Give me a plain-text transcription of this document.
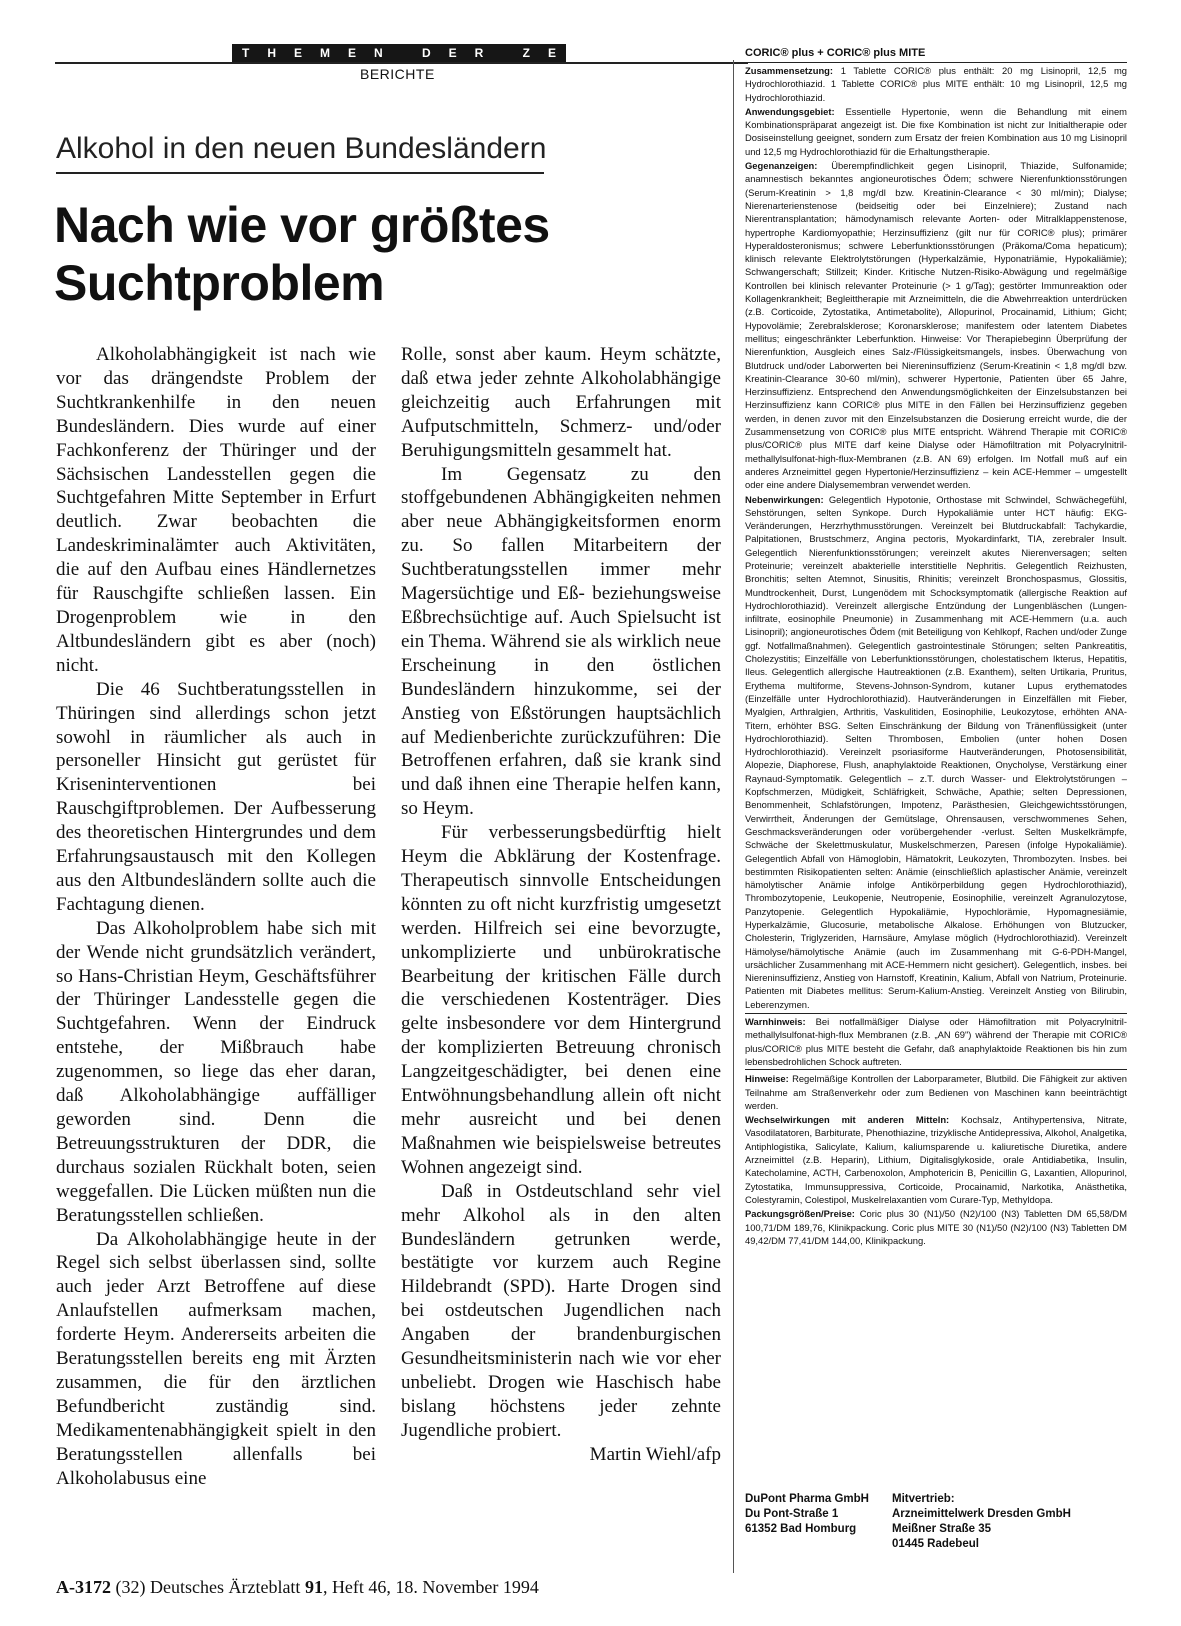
THEMEN DER ZEIT
BERICHTE
Alkohol in den neuen Bundesländern
Nach wie vor größtes Suchtproblem

Alkoholabhängigkeit ist nach wie vor das drängendste Problem der Suchtkrankenhilfe in den neuen Bundesländern. Dies wurde auf einer Fachkonferenz der Thüringer und der Sächsischen Landesstellen gegen die Suchtgefahren Mitte September in Erfurt deutlich. Zwar beobachten die Landeskriminalämter auch Aktivitäten, die auf den Aufbau eines Händlernetzes für Rauschgifte schließen lassen. Ein Drogenproblem wie in den Altbundesländern gibt es aber (noch) nicht.

Die 46 Suchtberatungsstellen in Thüringen sind allerdings schon jetzt sowohl in räumlicher als auch in personeller Hinsicht gut gerüstet für Kriseninterventionen bei Rauschgiftproblemen. Der Aufbesserung des theoretischen Hintergrundes und dem Erfahrungsaustausch mit den Kollegen aus den Altbundesländern sollte auch die Fachtagung dienen.

Das Alkoholproblem habe sich mit der Wende nicht grundsätzlich verändert, so Hans-Christian Heym, Geschäftsführer der Thüringer Landesstelle gegen die Suchtgefahren. Wenn der Eindruck entstehe, der Mißbrauch habe zugenommen, so liege das eher daran, daß Alkoholabhängige auffälliger geworden sind. Denn die Betreuungsstrukturen der DDR, die durchaus sozialen Rückhalt boten, seien weggefallen. Die Lücken müßten nun die Beratungsstellen schließen.

Da Alkoholabhängige heute in der Regel sich selbst überlassen sind, sollte auch jeder Arzt Betroffene auf diese Anlaufstellen aufmerksam machen, forderte Heym. Andererseits arbeiten die Beratungsstellen bereits eng mit Ärzten zusammen, die für den ärztlichen Befundbericht zuständig sind. Medikamentenabhängigkeit spielt in den Beratungsstellen allenfalls bei Alkoholabusus eine

Rolle, sonst aber kaum. Heym schätzte, daß etwa jeder zehnte Alkoholabhängige gleichzeitig auch Erfahrungen mit Aufputschmitteln, Schmerz- und/oder Beruhigungsmitteln gesammelt hat.

Im Gegensatz zu den stoffgebundenen Abhängigkeiten nehmen aber neue Abhängigkeitsformen enorm zu. So fallen Mitarbeitern der Suchtberatungsstellen immer mehr Magersüchtige und Eß- beziehungsweise Eßbrechsüchtige auf. Auch Spielsucht ist ein Thema. Während sie als wirklich neue Erscheinung in den östlichen Bundesländern hinzukomme, sei der Anstieg von Eßstörungen hauptsächlich auf Medienberichte zurückzuführen: Die Betroffenen erfahren, daß sie krank sind und daß ihnen eine Therapie helfen kann, so Heym.

Für verbesserungsbedürftig hielt Heym die Abklärung der Kostenfrage. Therapeutisch sinnvolle Entscheidungen könnten zu oft nicht kurzfristig umgesetzt werden. Hilfreich sei eine bevorzugte, unkomplizierte und unbürokratische Bearbeitung der kritischen Fälle durch die verschiedenen Kostenträger. Dies gelte insbesondere vor dem Hintergrund der komplizierten Betreuung chronisch Langzeitgeschädigter, bei denen eine Entwöhnungsbehandlung allein oft nicht mehr ausreicht und bei denen Maßnahmen wie beispielsweise betreutes Wohnen angezeigt sind.

Daß in Ostdeutschland sehr viel mehr Alkohol als in den alten Bundesländern getrunken werde, bestätigte vor kurzem auch Regine Hildebrandt (SPD). Harte Drogen sind bei ostdeutschen Jugendlichen nach Angaben der brandenburgischen Gesundheitsministerin nach wie vor eher unbeliebt. Drogen wie Haschisch habe bislang höchstens jeder zehnte Jugendliche probiert.

Martin Wiehl/afp

A-3172 (32) Deutsches Ärzteblatt 91, Heft 46, 18. November 1994
CORIC® plus + CORIC® plus MITE

Zusammensetzung: 1 Tablette CORIC® plus enthält: 20 mg Lisinopril, 12,5 mg Hydrochlorothiazid. 1 Tablette CORIC® plus MITE enthält: 10 mg Lisinopril, 12,5 mg Hydrochlorothiazid.

Anwendungsgebiet: Essentielle Hypertonie, wenn die Behandlung mit einem Kombinationspräparat angezeigt ist. Die fixe Kombination ist nicht zur Initialtherapie oder Dosiseinstellung geeignet, sondern zum Ersatz der freien Kombination aus 10 mg Lisinopril und 12,5 mg Hydrochlorothiazid für die Erhaltungstherapie.

Gegenanzeigen: Überempfindlichkeit gegen Lisinopril, Thiazide, Sulfonamide; anamnestisch bekanntes angioneurotisches Ödem; schwere Nierenfunktionsstörungen (Serum-Kreatinin > 1,8 mg/dl bzw. Kreatinin-Clearance < 30 ml/min); Dialyse; Nierenarterienstenose (beidseitig oder bei Einzelniere); Zustand nach Nierentransplantation; hämodynamisch relevante Aorten- oder Mitralklappenstenose, hypertrophe Kardiomyopathie; Herzinsuffizienz (gilt nur für CORIC® plus); primärer Hyperaldosteronismus; schwere Leberfunktionsstörungen (Präkoma/Coma hepaticum); klinisch relevante Elektrolytstörungen (Hyperkalzämie, Hyponatriämie, Hypokaliämie); Schwangerschaft; Stillzeit; Kinder. Kritische Nutzen-Risiko-Abwägung und regelmäßige Kontrollen bei klinisch relevanter Proteinurie (> 1 g/Tag); gestörter Immunreaktion oder Kollagenkrankheit; Begleittherapie mit Arzneimitteln, die die Abwehrreaktion unterdrücken (z.B. Corticoide, Zytostatika, Antimetabolite), Allopurinol, Procainamid, Lithium; Gicht; Hypovolämie; Zerebralsklerose; Koronarsklerose; manifestem oder latentem Diabetes mellitus; eingeschränkter Leberfunktion. Hinweise: Vor Therapiebeginn Überprüfung der Nierenfunktion, Ausgleich eines Salz-/Flüssigkeitsmangels, insbes. Überwachung von Blutdruck und/oder Laborwerten bei Niereninsuffizienz (Serum-Kreatinin < 1,8 mg/dl bzw. Kreatinin-Clearance 30-60 ml/min), schwerer Hypertonie, Patienten über 65 Jahre, Herzinsuffizienz. Entsprechend den Anwendungsmöglichkeiten der Einzelsubstanzen bei Herzinsuffizienz kann CORIC® plus MITE in den Fällen bei Herzinsuffizienz gegeben werden, in denen zuvor mit den Einzelsubstanzen die Dosierung erreicht wurde, die der Zusammensetzung von CORIC® plus MITE entspricht. Während Therapie mit CORIC® plus/CORIC® plus MITE darf keine Dialyse oder Hämofiltration mit Polyacrylnitril-methallylsulfonat-high-flux-Membranen (z.B. AN 69) erfolgen. Im Notfall muß auf ein anderes Arzneimittel gegen Hypertonie/Herzinsuffizienz – kein ACE-Hemmer – umgestellt oder eine andere Dialysemembran verwendet werden.

Nebenwirkungen: Gelegentlich Hypotonie, Orthostase mit Schwindel, Schwächegefühl, Sehstörungen, selten Synkope. Durch Hypokaliämie unter HCT häufig: EKG-Veränderungen, Herzrhythmusstörungen. Vereinzelt bei Blutdruckabfall: Tachykardie, Palpitationen, Brustschmerz, Angina pectoris, Myokardinfarkt, TIA, zerebraler Insult. Gelegentlich Nierenfunktionsstörungen; vereinzelt akutes Nierenversagen; selten Proteinurie; vereinzelt abakterielle interstitielle Nephritis. Gelegentlich Reizhusten, Bronchitis; selten Atemnot, Sinusitis, Rhinitis; vereinzelt Bronchospasmus, Glossitis, Mundtrockenheit, Durst, Lungenödem mit Schocksymptomatik (allergische Reaktion auf Hydrochlorothiazid). Vereinzelt allergische Entzündung der Lungenbläschen (Lungen-infiltrate, eosinophile Pneumonie) in Zusammenhang mit ACE-Hemmern (u.a. auch Lisinopril); angioneurotisches Ödem (mit Beteiligung von Kehlkopf, Rachen und/oder Zunge ggf. Notfallmaßnahmen). Gelegentlich gastrointestinale Störungen; selten Pankreatitis, Cholezystitis; Einzelfälle von Leberfunktionsstörungen, cholestatischem Ikterus, Hepatitis, Ileus. Gelegentlich allergische Hautreaktionen (z.B. Exanthem), selten Urtikaria, Pruritus, Erythema multiforme, Stevens-Johnson-Syndrom, kutaner Lupus erythematodes (Einzelfälle unter Hydrochlorothiazid). Hautveränderungen in Einzelfällen mit Fieber, Myalgien, Arthralgien, Arthritis, Vaskulitiden, Eosinophilie, Leukozytose, erhöhten ANA-Titern, erhöhter BSG. Selten Einschränkung der Bildung von Tränenflüssigkeit (unter Hydrochlorothiazid). Selten Thrombosen, Embolien (unter hohen Dosen Hydrochlorothiazid). Vereinzelt psoriasiforme Hautveränderungen, Photosensibilität, Alopezie, Diaphorese, Flush, anaphylaktoide Reaktionen, Onycholyse, Verstärkung einer Raynaud-Symptomatik. Gelegentlich – z.T. durch Wasser- und Elektrolytstörungen – Kopfschmerzen, Müdigkeit, Schläfrigkeit, Schwäche, Apathie; selten Depressionen, Benommenheit, Schlafstörungen, Impotenz, Parästhesien, Gleichgewichtsstörungen, Verwirrtheit, Änderungen der Gemütslage, Ohrensausen, verschwommenes Sehen, Geschmacksveränderungen oder vorübergehender -verlust. Selten Muskelkrämpfe, Schwäche der Skelettmuskulatur, Muskelschmerzen, Paresen (infolge Hypokaliämie). Gelegentlich Abfall von Hämoglobin, Hämatokrit, Leukozyten, Thrombozyten. Insbes. bei bestimmten Risikopatienten selten: Anämie (einschließlich aplastischer Anämie, vereinzelt hämolytischer Anämie infolge Antikörperbildung gegen Hydrochlorothiazid), Thrombozytopenie, Leukopenie, Neutropenie, Eosinophilie, vereinzelt Agranulozytose, Panzytopenie. Gelegentlich Hypokaliämie, Hypochlorämie, Hypomagnesiämie, Hyperkalzämie, Glucosurie, metabolische Alkalose. Erhöhungen von Blutzucker, Cholesterin, Triglyzeriden, Harnsäure, Amylase möglich (Hydrochlorothiazid). Vereinzelt Hämolyse/hämolytische Anämie (auch im Zusammenhang mit G-6-PDH-Mangel, ursächlicher Zusammenhang mit ACE-Hemmern nicht gesichert). Gelegentlich, insbes. bei Niereninsuffizienz, Anstieg von Harnstoff, Kreatinin, Kalium, Abfall von Natrium, Proteinurie. Patienten mit Diabetes mellitus: Serum-Kalium-Anstieg. Vereinzelt Anstieg von Bilirubin, Leberenzymen.

Warnhinweis: Bei notfallmäßiger Dialyse oder Hämofiltration mit Polyacrylnitril-methallylsulfonat-high-flux Membranen (z.B. „AN 69") während der Therapie mit CORIC® plus/CORIC® plus MITE besteht die Gefahr, daß anaphylaktoide Reaktionen bis hin zum lebensbedrohlichen Schock auftreten.

Hinweise: Regelmäßige Kontrollen der Laborparameter, Blutbild. Die Fähigkeit zur aktiven Teilnahme am Straßenverkehr oder zum Bedienen von Maschinen kann beeinträchtigt werden.

Wechselwirkungen mit anderen Mitteln: Kochsalz, Antihypertensiva, Nitrate, Vasodilatatoren, Barbiturate, Phenothiazine, trizyklische Antidepressiva, Alkohol, Analgetika, Antiphlogistika, Salicylate, Kalium, kaliumsparende u. kaliuretische Diuretika, andere Arzneimittel (z.B. Heparin), Lithium, Digitalisglykoside, orale Antidiabetika, Insulin, Katecholamine, ACTH, Carbenoxolon, Amphotericin B, Penicillin G, Laxantien, Allopurinol, Zytostatika, Immunsuppressiva, Corticoide, Procainamid, Narkotika, Anästhetika, Colestyramin, Colestipol, Muskelrelaxantien vom Curare-Typ, Methyldopa.

Packungsgrößen/Preise: Coric plus 30 (N1)/50 (N2)/100 (N3) Tabletten DM 65,58/DM 100,71/DM 189,76, Klinikpackung. Coric plus MITE 30 (N1)/50 (N2)/100 (N3) Tabletten DM 49,42/DM 77,41/DM 144,00, Klinikpackung.

DuPont Pharma GmbH
Du Pont-Straße 1
61352 Bad Homburg
Mitvertrieb:
Arzneimittelwerk Dresden GmbH
Meißner Straße 35
01445 Radebeul
